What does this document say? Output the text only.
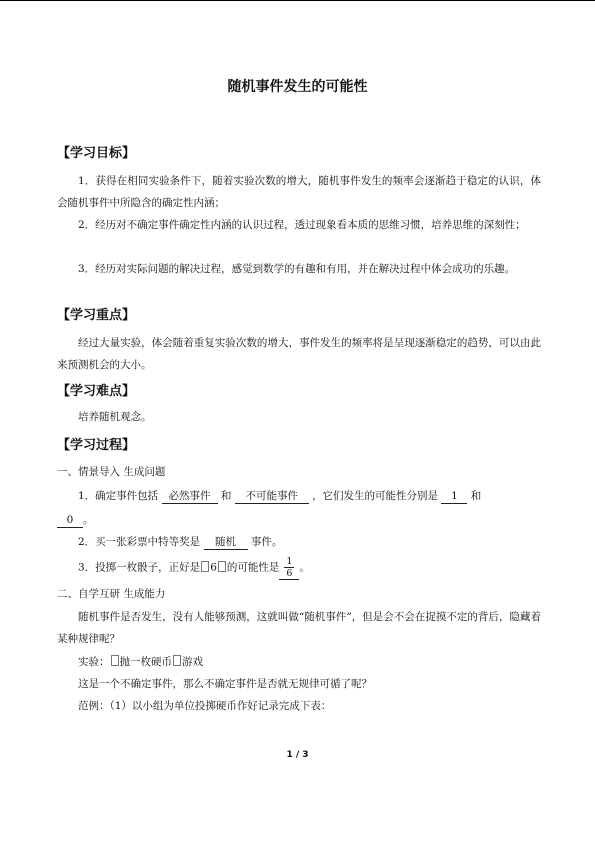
随机事件发生的可能性
【学习目标】

1．获得在相同实验条件下，随着实验次数的增大，随机事件发生的频率会逐渐趋于稳定的认识，体会随机事件中所隐含的确定性内涵；

2．经历对不确定事件确定性内涵的认识过程，透过现象看本质的思维习惯，培养思维的深刻性；

3．经历对实际问题的解决过程，感觉到数学的有趣和有用，并在解决过程中体会成功的乐趣。

【学习重点】

经过大量实验，体会随着重复实验次数的增大，事件发生的频率将是呈现逐渐稳定的趋势，可以由此来预测机会的大小。

【学习难点】

培养随机观念。

【学习过程】
一、情景导入 生成问题
1．确定事件包括 必然事件 和 不可能事件 ，它们发生的可能性分别是 1 和
0 。
2．买一张彩票中特等奖是 随机 事件。
3．投掷一枚骰子，正好是 6 的可能性是 $\frac{1}{6}$ 。
二、自学互研 生成能力

随机事件是否发生，没有人能够预测，这就叫做“随机事件”，但是会不会在捉摸不定的背后，隐藏着某种规律呢？

实验： 抛一枚硬币 游戏
这是一个不确定事件，那么不确定事件是否就无规律可循了呢？
范例：（1）以小组为单位投掷硬币作好记录完成下表：
1 / 3
